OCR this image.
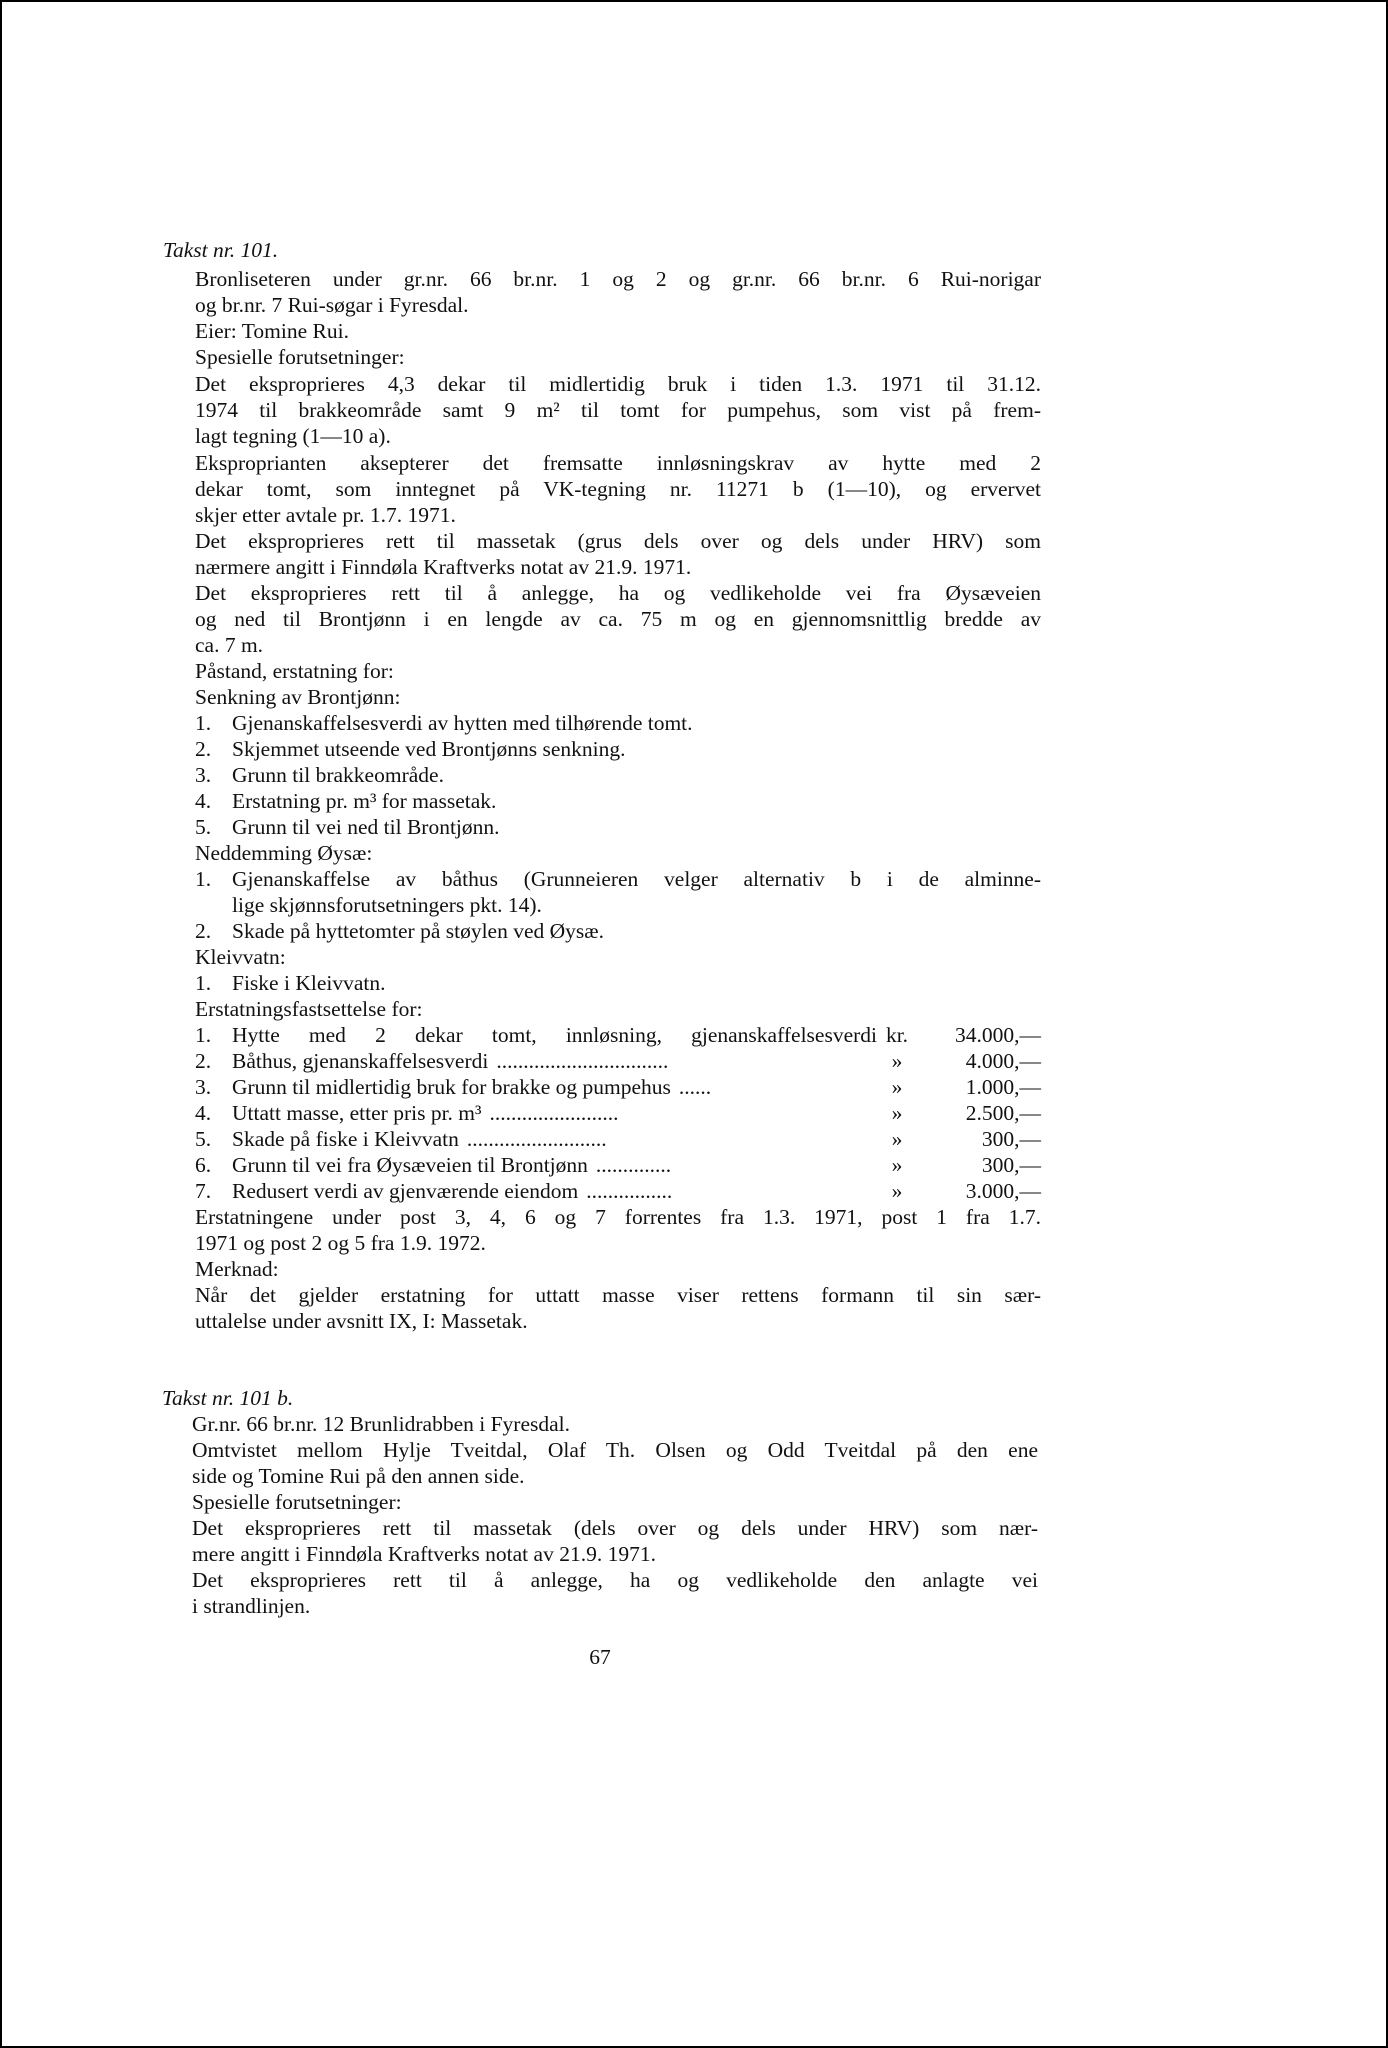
Takst nr. 101.
Bronliseteren under gr.nr. 66 br.nr. 1 og 2 og gr.nr. 66 br.nr. 6 Rui-norigar
og br.nr. 7 Rui-søgar i Fyresdal.
Eier: Tomine Rui.
Spesielle forutsetninger:
Det eksproprieres 4,3 dekar til midlertidig bruk i tiden 1.3. 1971 til 31.12.
1974 til brakkeområde samt 9 m² til tomt for pumpehus, som vist på frem-
lagt tegning (1—10 a).
Eksproprianten aksepterer det fremsatte innløsningskrav av hytte med 2
dekar tomt, som inntegnet på VK-tegning nr. 11271 b (1—10), og ervervet
skjer etter avtale pr. 1.7. 1971.
Det eksproprieres rett til massetak (grus dels over og dels under HRV) som
nærmere angitt i Finndøla Kraftverks notat av 21.9. 1971.
Det eksproprieres rett til å anlegge, ha og vedlikeholde vei fra Øysæveien
og ned til Brontjønn i en lengde av ca. 75 m og en gjennomsnittlig bredde av
ca. 7 m.
Påstand, erstatning for:
Senkning av Brontjønn:
1. Gjenanskaffelsesverdi av hytten med tilhørende tomt.
2. Skjemmet utseende ved Brontjønns senkning.
3. Grunn til brakkeområde.
4. Erstatning pr. m³ for massetak.
5. Grunn til vei ned til Brontjønn.
Neddemming Øysæ:
1. Gjenanskaffelse av båthus (Grunneieren velger alternativ b i de alminne-
lige skjønnsforutsetningers pkt. 14).
2. Skade på hyttetomter på støylen ved Øysæ.
Kleivvatn:
1. Fiske i Kleivvatn.
Erstatningsfastsettelse for:
1. Hytte med 2 dekar tomt, innløsning, gjenanskaffelsesverdi kr.	34.000,—
2. Båthus, gjenanskaffelsesverdi ................................	»	4.000,—
3. Grunn til midlertidig bruk for brakke og pumpehus ......	»	1.000,—
4. Uttatt masse, etter pris pr. m³ ........................	»	2.500,—
5. Skade på fiske i Kleivvatn ..........................	»	300,—
6. Grunn til vei fra Øysæveien til Brontjønn ..............	»	300,—
7. Redusert verdi av gjenværende eiendom ................	»	3.000,—
Erstatningene under post 3, 4, 6 og 7 forrentes fra 1.3. 1971, post 1 fra 1.7.
1971 og post 2 og 5 fra 1.9. 1972.
Merknad:
Når det gjelder erstatning for uttatt masse viser rettens formann til sin sær-
uttalelse under avsnitt IX, I: Massetak.
Takst nr. 101 b.
Gr.nr. 66 br.nr. 12 Brunlidrabben i Fyresdal.
Omtvistet mellom Hylje Tveitdal, Olaf Th. Olsen og Odd Tveitdal på den ene
side og Tomine Rui på den annen side.
Spesielle forutsetninger:
Det eksproprieres rett til massetak (dels over og dels under HRV) som nær-
mere angitt i Finndøla Kraftverks notat av 21.9. 1971.
Det eksproprieres rett til å anlegge, ha og vedlikeholde den anlagte vei
i strandlinjen.
67
